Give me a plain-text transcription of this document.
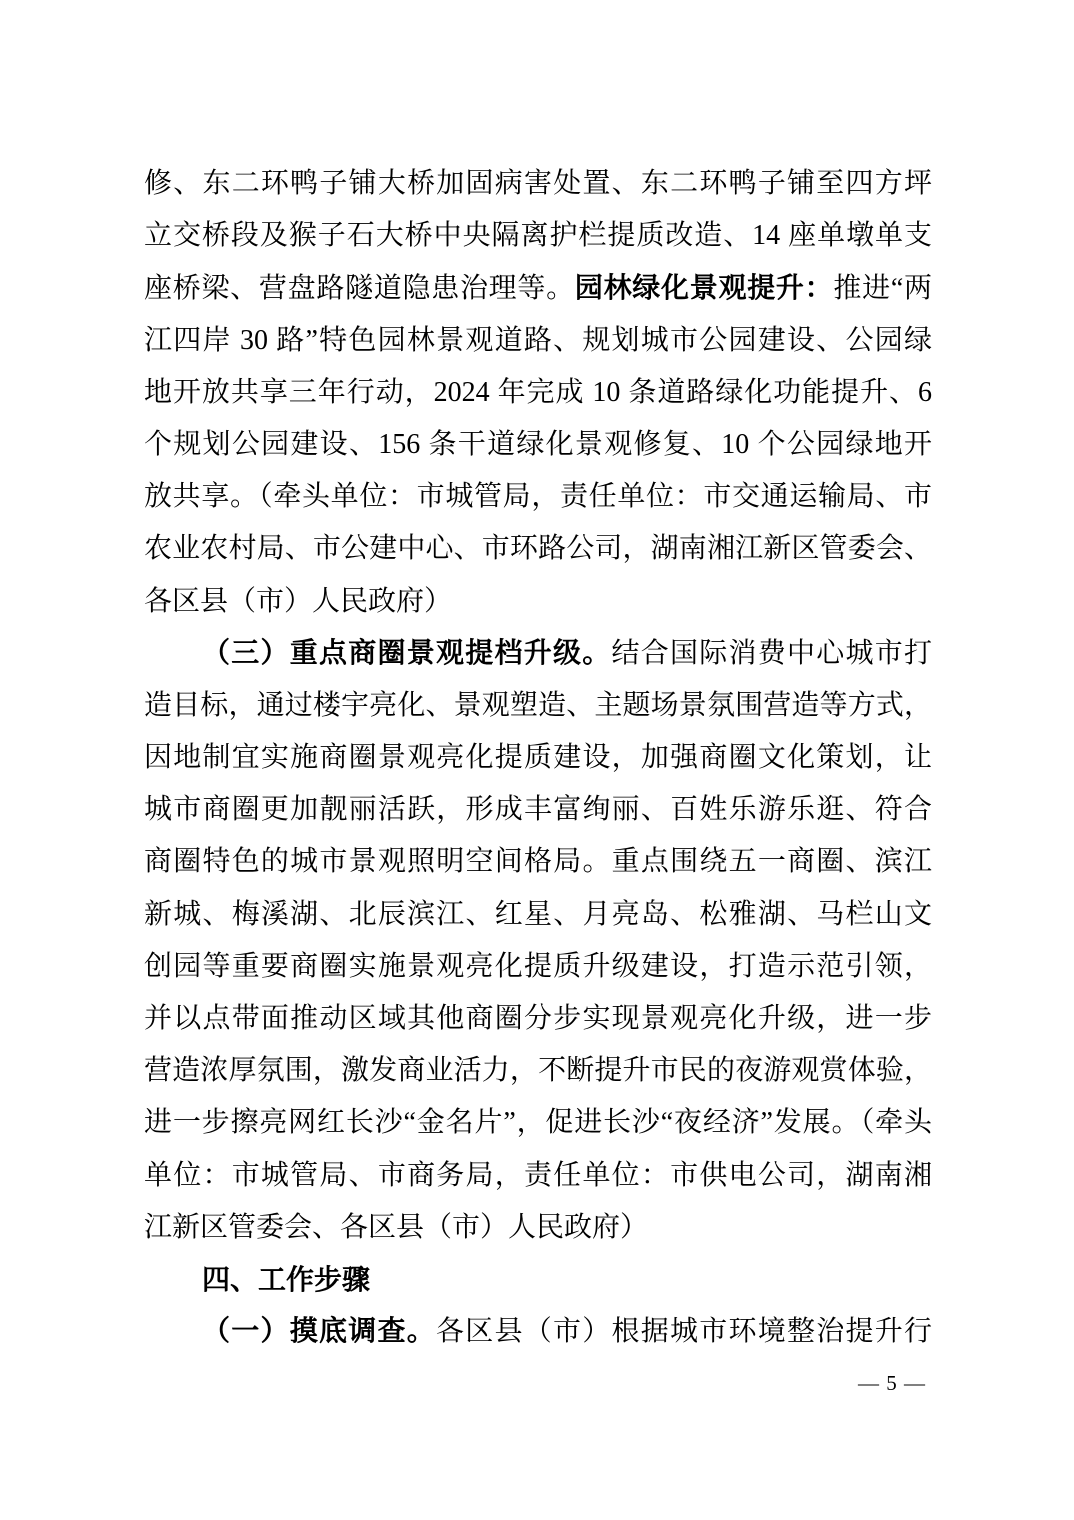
修、东二环鸭子铺大桥加固病害处置、东二环鸭子铺至四方坪
立交桥段及猴子石大桥中央隔离护栏提质改造、14 座单墩单支
座桥梁、营盘路隧道隐患治理等。园林绿化景观提升：推进“两
江四岸 30 路”特色园林景观道路、规划城市公园建设、公园绿
地开放共享三年行动，2024 年完成 10 条道路绿化功能提升、6
个规划公园建设、156 条干道绿化景观修复、10 个公园绿地开
放共享。（牵头单位：市城管局，责任单位：市交通运输局、市
农业农村局、市公建中心、市环路公司，湖南湘江新区管委会、
各区县（市）人民政府）
（三）重点商圈景观提档升级。结合国际消费中心城市打
造目标，通过楼宇亮化、景观塑造、主题场景氛围营造等方式，
因地制宜实施商圈景观亮化提质建设，加强商圈文化策划，让
城市商圈更加靓丽活跃，形成丰富绚丽、百姓乐游乐逛、符合
商圈特色的城市景观照明空间格局。重点围绕五一商圈、滨江
新城、梅溪湖、北辰滨江、红星、月亮岛、松雅湖、马栏山文
创园等重要商圈实施景观亮化提质升级建设，打造示范引领，
并以点带面推动区域其他商圈分步实现景观亮化升级，进一步
营造浓厚氛围，激发商业活力，不断提升市民的夜游观赏体验，
进一步擦亮网红长沙“金名片”，促进长沙“夜经济”发展。（牵头
单位：市城管局、市商务局，责任单位：市供电公司，湖南湘
江新区管委会、各区县（市）人民政府）
四、工作步骤
（一）摸底调查。各区县（市）根据城市环境整治提升行
— 5 —
